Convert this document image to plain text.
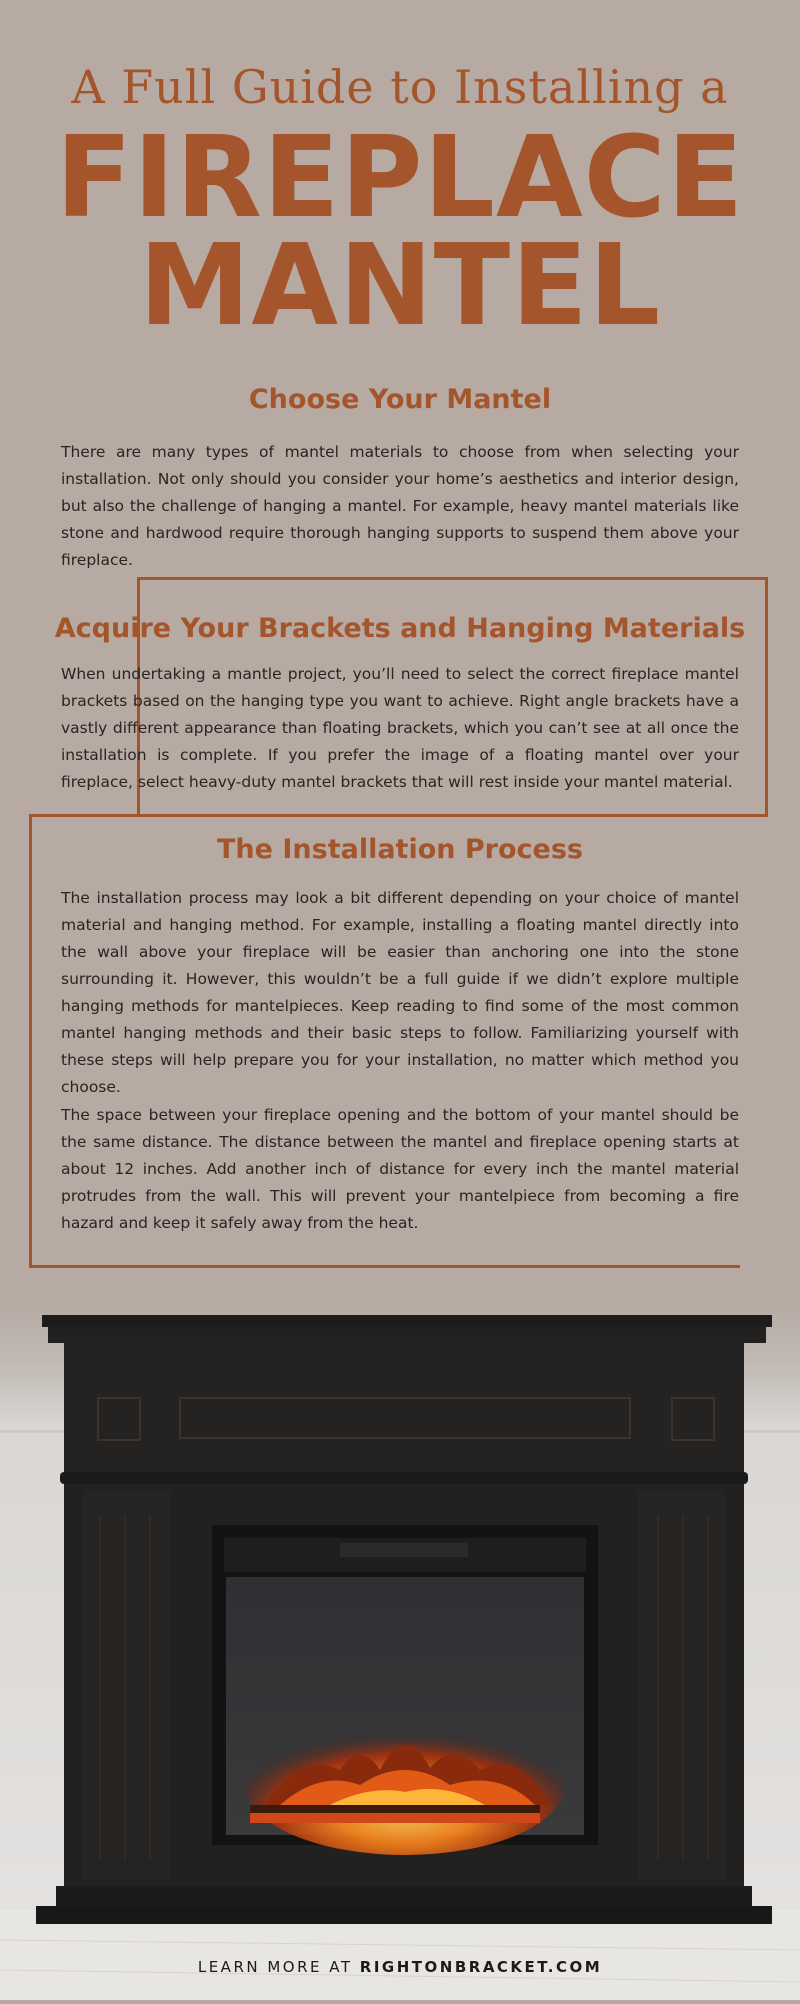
A Full Guide to Installing a
FIREPLACE
MANTEL
Choose Your Mantel

There are many types of mantel materials to choose from when selecting your installation. Not only should you consider your home’s aesthetics and interior design, but also the challenge of hanging a mantel. For example, heavy mantel materials like stone and hardwood require thorough hanging supports to suspend them above your fireplace.

Acquire Your Brackets and Hanging Materials

When undertaking a mantle project, you’ll need to select the correct fireplace mantel brackets based on the hanging type you want to achieve. Right angle brackets have a vastly different appearance than floating brackets, which you can’t see at all once the installation is complete. If you prefer the image of a floating mantel over your fireplace, select heavy-duty mantel brackets that will rest inside your mantel material.

The Installation Process

The installation process may look a bit different depending on your choice of mantel material and hanging method. For example, installing a floating mantel directly into the wall above your fireplace will be easier than anchoring one into the stone surrounding it. However, this wouldn’t be a full guide if we didn’t explore multiple hanging methods for mantelpieces. Keep reading to find some of the most common mantel hanging methods and their basic steps to follow. Familiarizing yourself with these steps will help prepare you for your installation, no matter which method you choose.

The space between your fireplace opening and the bottom of your mantel should be the same distance. The distance between the mantel and fireplace opening starts at about 12 inches. Add another inch of distance for every inch the mantel material protrudes from the wall. This will prevent your mantelpiece from becoming a fire hazard and keep it safely away from the heat.

LEARN MORE AT RIGHTONBRACKET.COM
